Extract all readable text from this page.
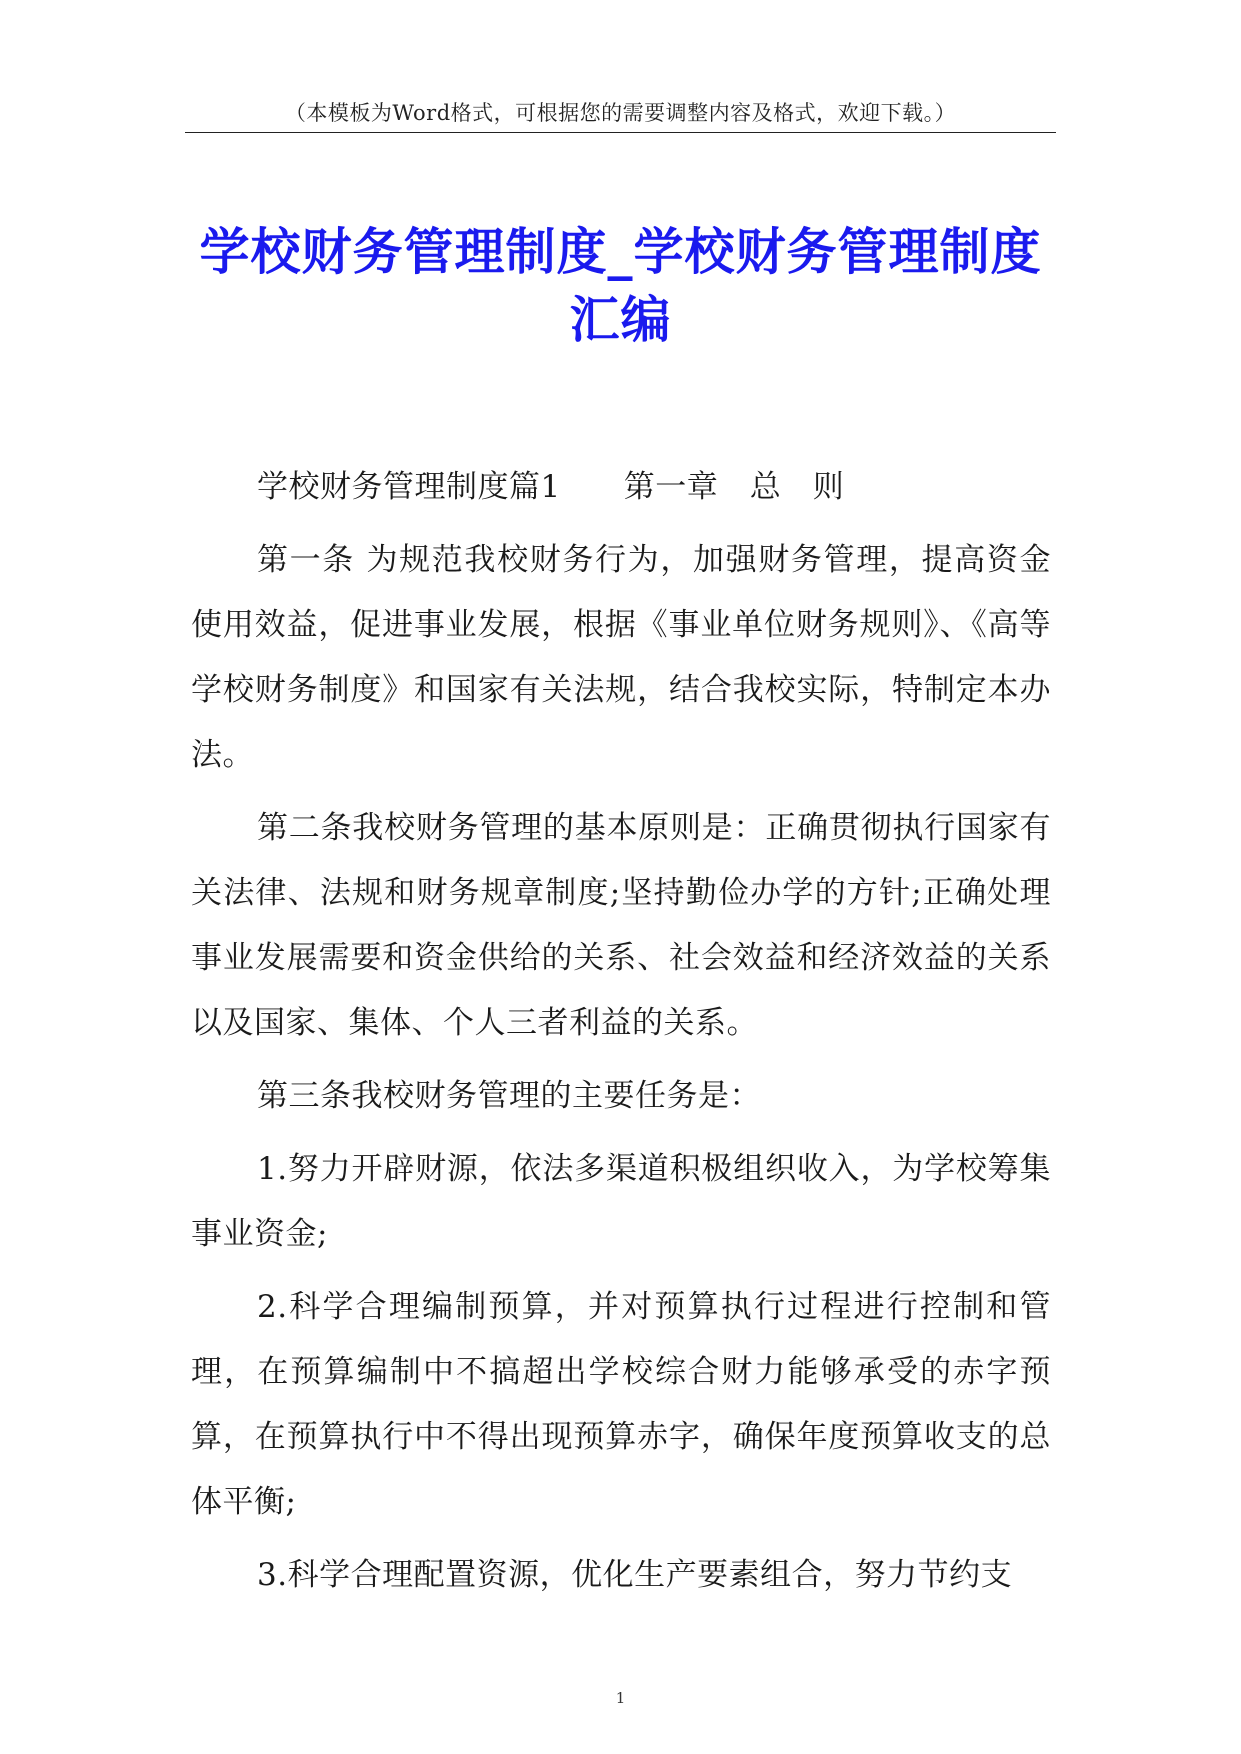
（本模板为Word格式，可根据您的需要调整内容及格式，欢迎下载。）
学校财务管理制度_学校财务管理制度汇编

学校财务管理制度篇1　　第一章　总　则

第一条 为规范我校财务行为，加强财务管理，提高资金使用效益，促进事业发展，根据《事业单位财务规则》、《高等学校财务制度》和国家有关法规，结合我校实际，特制定本办法。

第二条我校财务管理的基本原则是：正确贯彻执行国家有关法律、法规和财务规章制度;坚持勤俭办学的方针;正确处理事业发展需要和资金供给的关系、社会效益和经济效益的关系以及国家、集体、个人三者利益的关系。

第三条我校财务管理的主要任务是：

1.努力开辟财源，依法多渠道积极组织收入，为学校筹集事业资金;

2.科学合理编制预算，并对预算执行过程进行控制和管理，在预算编制中不搞超出学校综合财力能够承受的赤字预算，在预算执行中不得出现预算赤字，确保年度预算收支的总体平衡;

3.科学合理配置资源，优化生产要素组合，努力节约支

1
